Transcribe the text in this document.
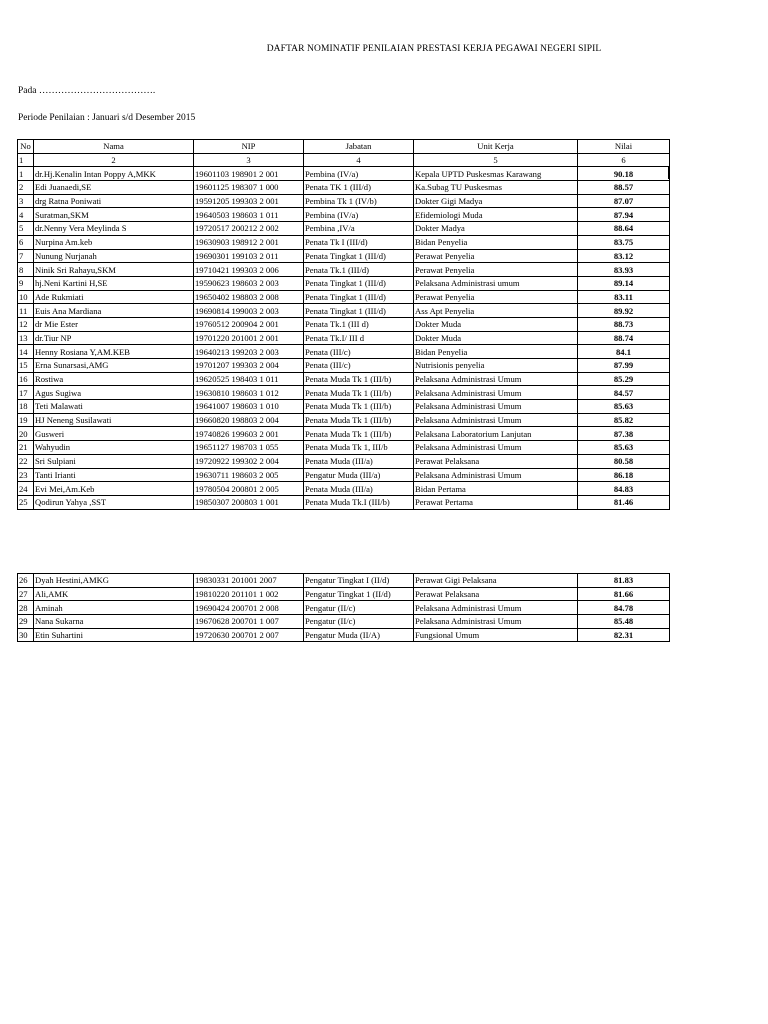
DAFTAR NOMINATIF PENILAIAN PRESTASI KERJA PEGAWAI NEGERI SIPIL
Pada ……………………………….
Periode Penilaian : Januari s/d Desember 2015
No	Nama	NIP	Jabatan	Unit Kerja	Nilai
1	2	3	4	5	6
1	dr.Hj.Kenalin Intan Poppy A,MKK	19601103 198901 2 001	Pembina (IV/a)	Kepala UPTD Puskesmas Karawang	90.18
2	Edi Juanaedi,SE	19601125 198307 1 000	Penata TK 1 (III/d)	Ka.Subag TU Puskesmas	88.57
3	drg Ratna Poniwati	19591205 199303 2 001	Pembina Tk 1 (IV/b)	Dokter Gigi Madya	87.07
4	Suratman,SKM	19640503 198603 1 011	Pembina (IV/a)	Efidemiologi Muda	87.94
5	dr.Nenny Vera Meylinda S	19720517 200212 2 002	Pembina ,IV/a	Dokter Madya	88.64
6	Nurpina Am.keb	19630903 198912 2 001	Penata Tk I (III/d)	Bidan Penyelia	83.75
7	Nunung Nurjanah	19690301 199103 2 011	Penata Tingkat 1 (III/d)	Perawat Penyelia	83.12
8	Ninik Sri Rahayu,SKM	19710421 199303 2 006	Penata Tk.1 (III/d)	Perawat Penyelia	83.93
9	hj.Neni Kartini H,SE	19590623 198603 2 003	Penata Tingkat 1 (III/d)	Pelaksana Administrasi umum	89.14
10	Ade Rukmiati	19650402 198803 2 008	Penata Tingkat 1 (III/d)	Perawat Penyelia	83.11
11	Euis Ana Mardiana	19690814 199003 2 003	Penata Tingkat 1 (III/d)	Ass Apt Penyelia	89.92
12	dr Mie Ester	19760512 200904 2 001	Penata Tk.1 (III d)	Dokter Muda	88.73
13	dr.Tiur NP	19701220 201001 2 001	Penata Tk.I/ III d	Dokter Muda	88.74
14	Henny Rosiana Y,AM.KEB	19640213 199203 2 003	Penata (III/c)	Bidan Penyelia	84.1
15	Erna Sunarsasi,AMG	19701207 199303 2 004	Penata (III/c)	Nutrisionis penyelia	87.99
16	Rostiwa	19620525 198403 1 011	Penata Muda Tk 1 (III/b)	Pelaksana Administrasi Umum	85.29
17	Agus Sugiwa	19630810 198603 1 012	Penata Muda Tk 1 (III/b)	Pelaksana Administrasi Umum	84.57
18	Teti Malawati	19641007 198603 1 010	Penata Muda Tk 1 (III/b)	Pelaksana Administrasi Umum	85.63
19	HJ Neneng Susilawati	19660820 198803 2 004	Penata Muda Tk 1 (III/b)	Pelaksana Administrasi Umum	85.82
20	Gusweri	19740826 199603 2 001	Penata Muda Tk 1 (III/b)	Pelaksana Laboratorium Lanjutan	87.38
21	Wahyudin	19651127 198703 1 055	Penata Muda Tk 1, III/b	Pelaksana Administrasi Umum	85.63
22	Sri Sulpiani	19720922 199302 2 004	Penata Muda (III/a)	Perawat Pelaksana	80.58
23	Tanti Irianti	19630711 198603 2 005	Pengatur Muda (III/a)	Pelaksana Administrasi Umum	86.18
24	Evi Mei,Am.Keb	19780504 200801 2 005	Penata Muda (III/a)	Bidan Pertama	84.83
25	Qodirun Yahya ,SST	19850307 200803 1 001	Penata Muda Tk.I (III/b)	Perawat Pertama	81.46
26	Dyah Hestini,AMKG	19830331 201001 2007	Pengatur Tingkat I (II/d)	Perawat Gigi Pelaksana	81.83
27	Ali,AMK	19810220 201101 1 002	Pengatur Tingkat 1 (II/d)	Perawat Pelaksana	81.66
28	Aminah	19690424 200701 2 008	Pengatur (II/c)	Pelaksana Administrasi Umum	84.78
29	Nana Sukarna	19670628 200701 1 007	Pengatur (II/c)	Pelaksana Administrasi Umum	85.48
30	Etin Suhartini	19720630 200701 2 007	Pengatur Muda (II/A)	Fungsional Umum	82.31
